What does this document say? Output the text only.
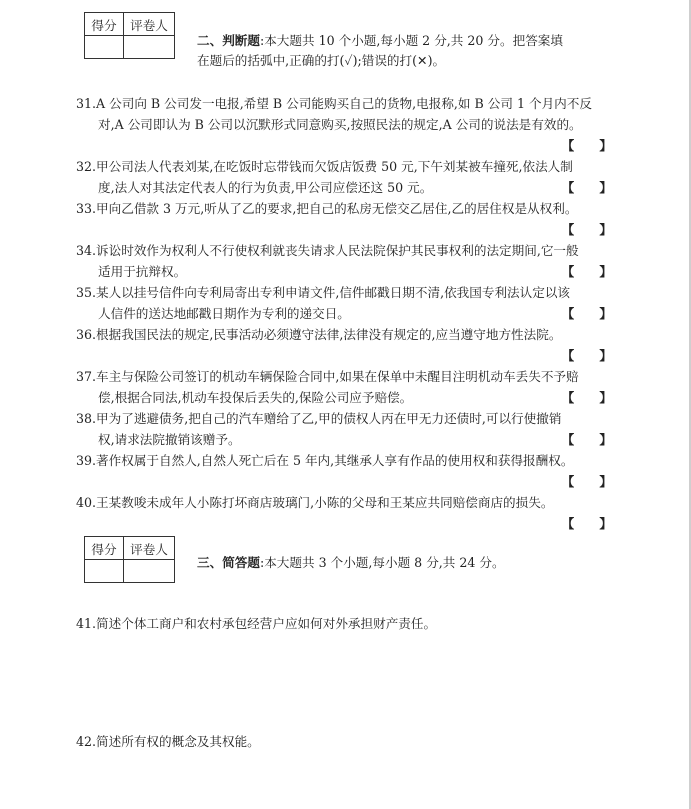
得分	评卷人

二、判断题:本大题共 10 个小题,每小题 2 分,共 20 分。把答案填
在题后的括弧中,正确的打(✓);错误的打(✕)。
31.A 公司向 B 公司发一电报,希望 B 公司能购买自己的货物,电报称,如 B 公司 1 个月内不反
对,A 公司即认为 B 公司以沉默形式同意购买,按照民法的规定,A 公司的说法是有效的。
【　　】
32.甲公司法人代表刘某,在吃饭时忘带钱而欠饭店饭费 50 元,下午刘某被车撞死,依法人制
度,法人对其法定代表人的行为负责,甲公司应偿还这 50 元。	【　　】
33.甲向乙借款 3 万元,听从了乙的要求,把自己的私房无偿交乙居住,乙的居住权是从权利。
【　　】
34.诉讼时效作为权利人不行使权利就丧失请求人民法院保护其民事权利的法定期间,它一般
适用于抗辩权。	【　　】
35.某人以挂号信件向专利局寄出专利申请文件,信件邮戳日期不清,依我国专利法认定以该
人信件的送达地邮戳日期作为专利的递交日。	【　　】
36.根据我国民法的规定,民事活动必须遵守法律,法律没有规定的,应当遵守地方性法院。
【　　】
37.车主与保险公司签订的机动车辆保险合同中,如果在保单中未醒目注明机动车丢失不予赔
偿,根据合同法,机动车投保后丢失的,保险公司应予赔偿。	【　　】
38.甲为了逃避债务,把自己的汽车赠给了乙,甲的债权人丙在甲无力还债时,可以行使撤销
权,请求法院撤销该赠予。	【　　】
39.著作权属于自然人,自然人死亡后在 5 年内,其继承人享有作品的使用权和获得报酬权。
【　　】
40.王某教唆未成年人小陈打坏商店玻璃门,小陈的父母和王某应共同赔偿商店的损失。
【　　】
得分	评卷人

三、简答题:本大题共 3 个小题,每小题 8 分,共 24 分。
41.简述个体工商户和农村承包经营户应如何对外承担财产责任。
42.简述所有权的概念及其权能。
